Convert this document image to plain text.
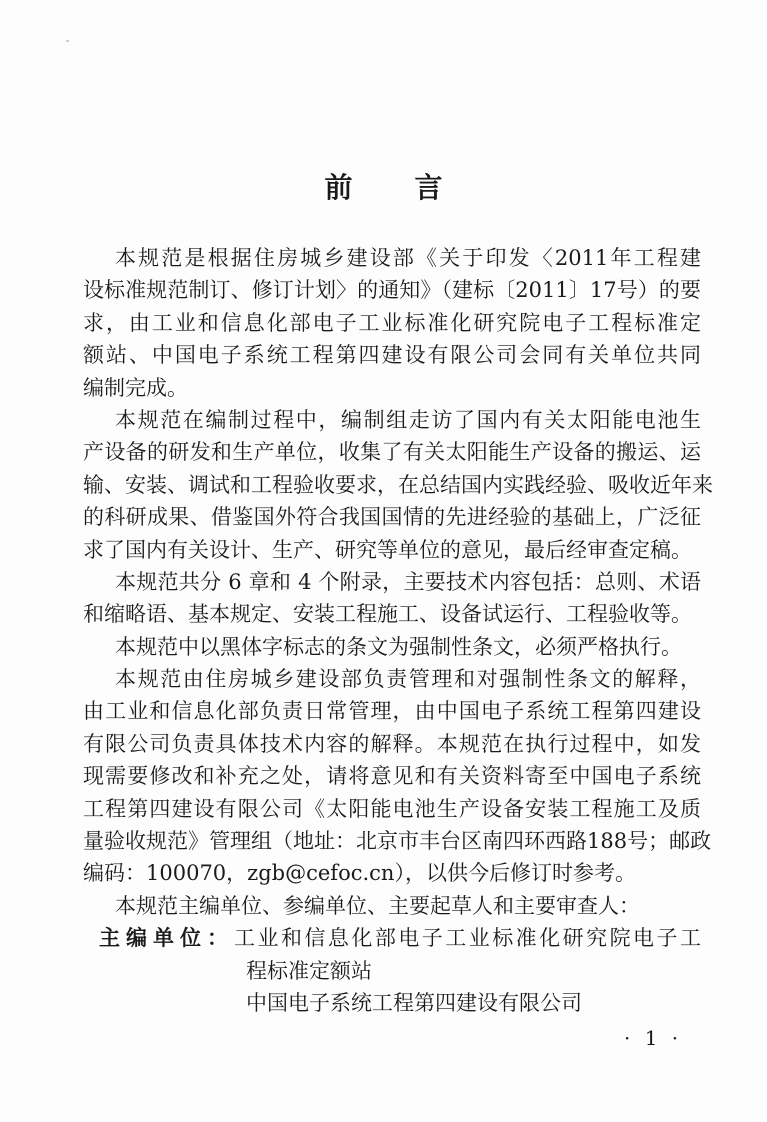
前言
本规范是根据住房城乡建设部《关于印发〈2011年工程建
设标准规范制订、修订计划〉的通知》（建标〔2011〕17号）的要
求，由工业和信息化部电子工业标准化研究院电子工程标准定
额站、中国电子系统工程第四建设有限公司会同有关单位共同
编制完成。
本规范在编制过程中，编制组走访了国内有关太阳能电池生
产设备的研发和生产单位，收集了有关太阳能生产设备的搬运、运
输、安装、调试和工程验收要求，在总结国内实践经验、吸收近年来
的科研成果、借鉴国外符合我国国情的先进经验的基础上，广泛征
求了国内有关设计、生产、研究等单位的意见，最后经审查定稿。
本规范共分 6 章和 4 个附录，主要技术内容包括：总则、术语
和缩略语、基本规定、安装工程施工、设备试运行、工程验收等。
本规范中以黑体字标志的条文为强制性条文，必须严格执行。
本规范由住房城乡建设部负责管理和对强制性条文的解释，
由工业和信息化部负责日常管理，由中国电子系统工程第四建设
有限公司负责具体技术内容的解释。本规范在执行过程中，如发
现需要修改和补充之处，请将意见和有关资料寄至中国电子系统
工程第四建设有限公司《太阳能电池生产设备安装工程施工及质
量验收规范》管理组（地址：北京市丰台区南四环西路188号；邮政
编码：100070，zgb@cefoc.cn），以供今后修订时参考。
本规范主编单位、参编单位、主要起草人和主要审查人：
主编单位： 工业和信息化部电子工业标准化研究院电子工
程标准定额站
中国电子系统工程第四建设有限公司
· 1 ·
